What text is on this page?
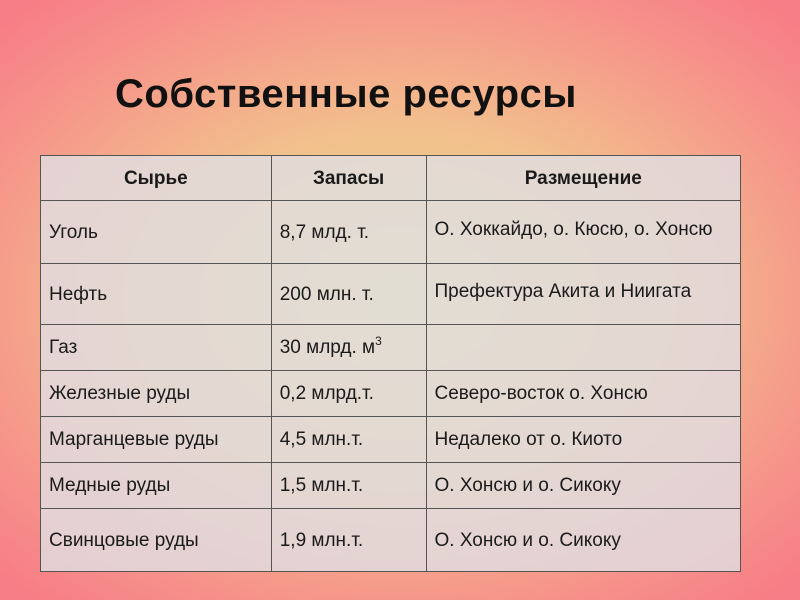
Собственные ресурсы
Сырье	Запасы	Размещение
Уголь	8,7 млд. т.	О. Хоккайдо, о. Кюсю, о. Хонсю

Нефть	200 млн. т.	Префектура Акита и Ниигата

Газ	30 млрд. $м^3$	
Железные руды	0,2 млрд.т.	Северо-восток о. Хонсю
Марганцевые руды	4,5 млн.т.	Недалеко от о. Киото
Медные руды	1,5 млн.т.	О. Хонсю и о. Сикоку
Свинцовые руды	1,9 млн.т.	О. Хонсю и о. Сикоку
